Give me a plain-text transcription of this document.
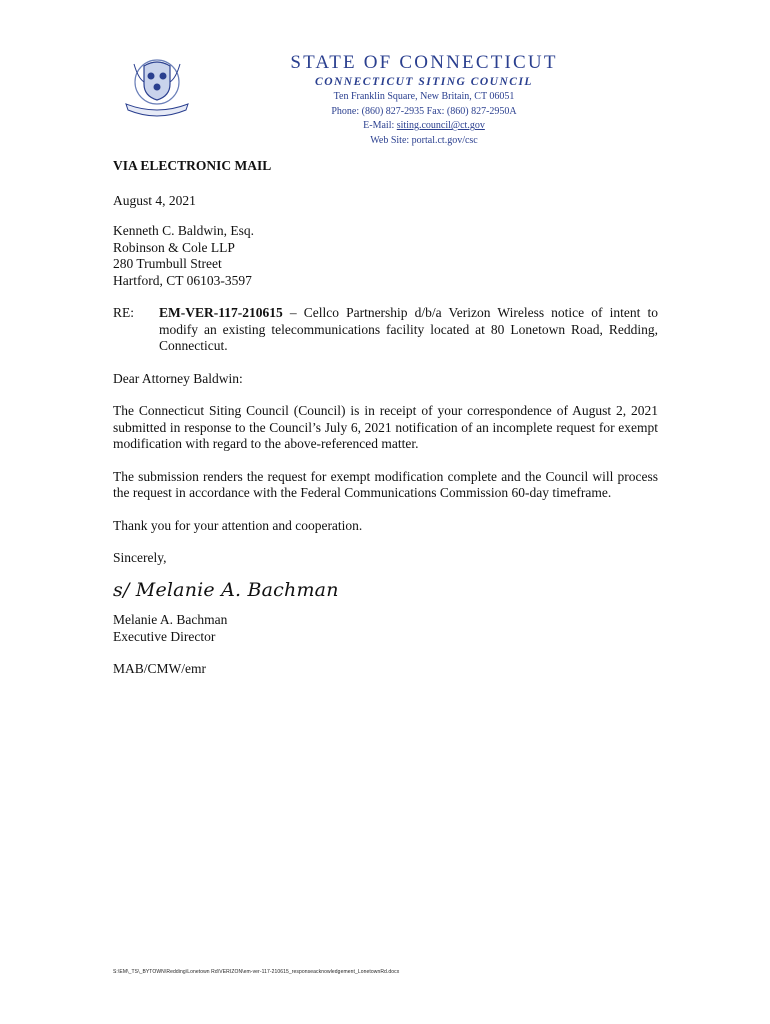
STATE OF CONNECTICUT
CONNECTICUT SITING COUNCIL
Ten Franklin Square, New Britain, CT 06051
Phone: (860) 827-2935 Fax: (860) 827-2950A
E-Mail: siting.council@ct.gov
Web Site: portal.ct.gov/csc
VIA ELECTRONIC MAIL
August 4, 2021
Kenneth C. Baldwin, Esq.
Robinson & Cole LLP
280 Trumbull Street
Hartford, CT 06103-3597
RE:	EM-VER-117-210615 – Cellco Partnership d/b/a Verizon Wireless notice of intent to modify an existing telecommunications facility located at 80 Lonetown Road, Redding, Connecticut.

Dear Attorney Baldwin:

The Connecticut Siting Council (Council) is in receipt of your correspondence of August 2, 2021 submitted in response to the Council’s July 6, 2021 notification of an incomplete request for exempt modification with regard to the above-referenced matter.

The submission renders the request for exempt modification complete and the Council will process the request in accordance with the Federal Communications Commission 60-day timeframe.

Thank you for your attention and cooperation.

Sincerely,

s/ Melanie A. Bachman
Melanie A. Bachman
Executive Director
MAB/CMW/emr
S:\EM\_TS\_BYTOWN\Redding\Lonetown Rd\VERIZON\em-ver-117-210615_responseacknowledgement_LonetownRd.docx
